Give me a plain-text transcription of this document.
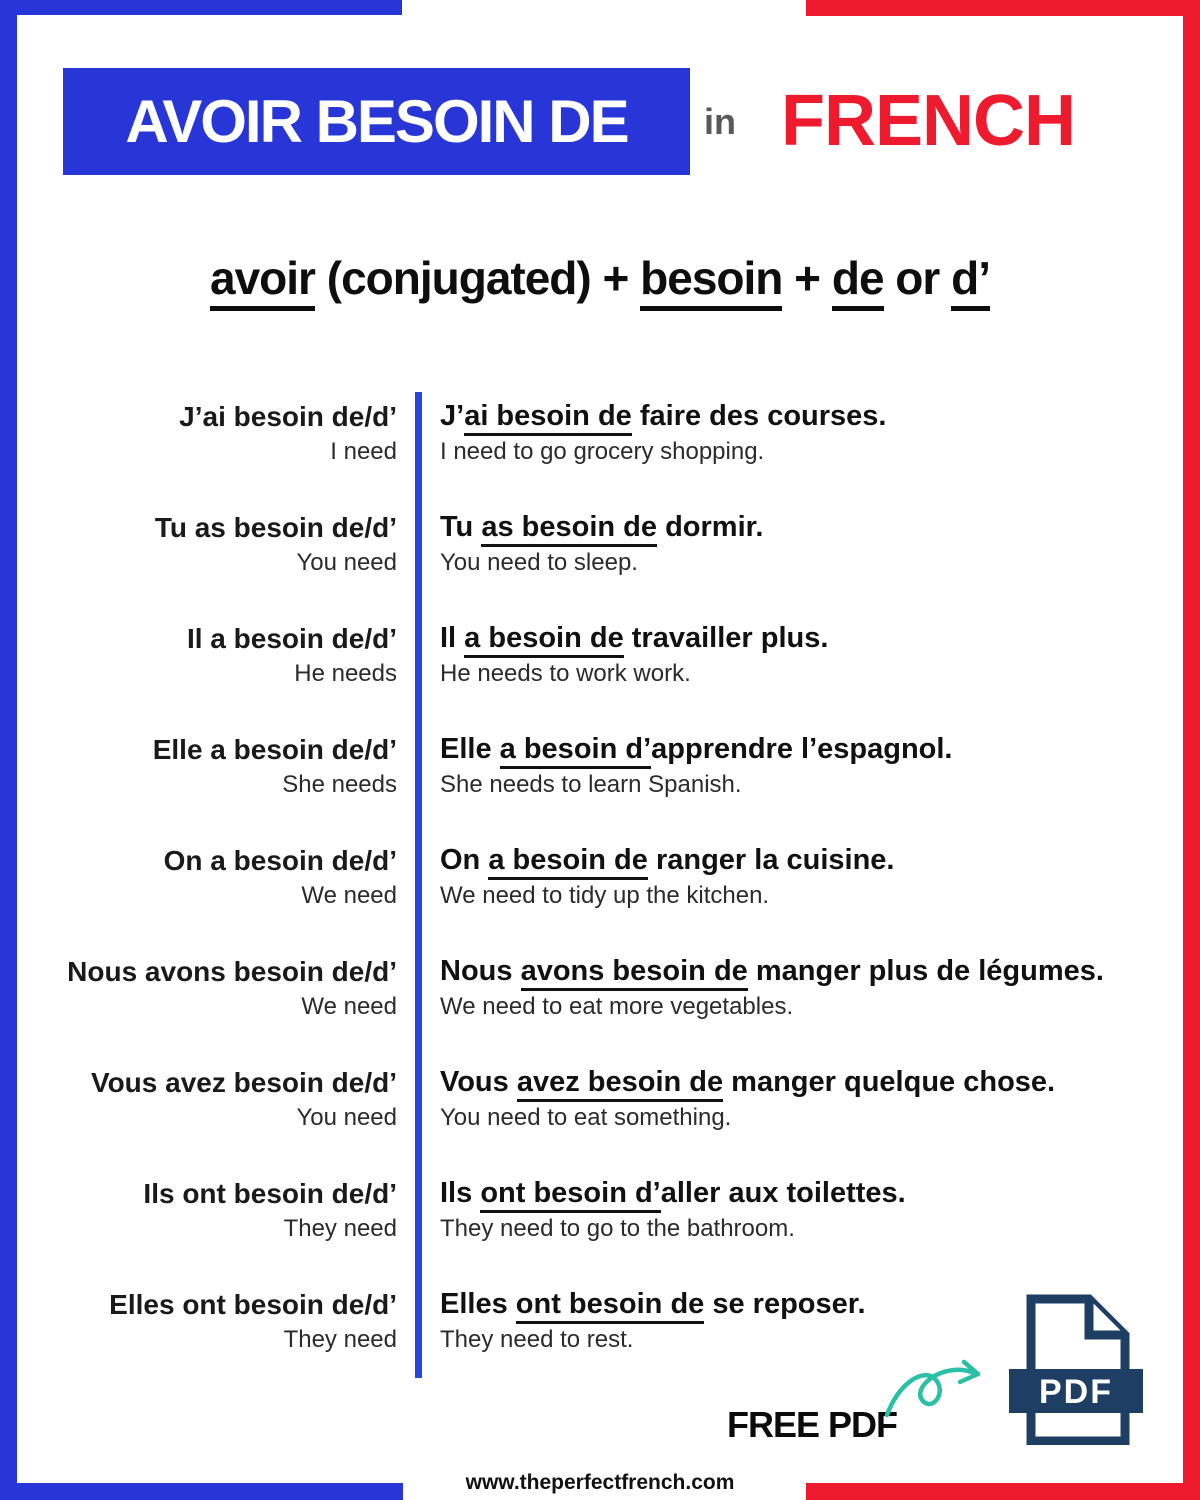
AVOIR BESOIN DE in FRENCH
avoir (conjugated) + besoin + de or d’
J’ai besoin de/d’
I need
J’ai besoin de faire des courses.
I need to go grocery shopping.
Tu as besoin de/d’
You need
Tu as besoin de dormir.
You need to sleep.
Il a besoin de/d’
He needs
Il a besoin de travailler plus.
He needs to work work.
Elle a besoin de/d’
She needs
Elle a besoin d’apprendre l’espagnol.
She needs to learn Spanish.
On a besoin de/d’
We need
On a besoin de ranger la cuisine.
We need to tidy up the kitchen.
Nous avons besoin de/d’
We need
Nous avons besoin de manger plus de légumes.
We need to eat more vegetables.
Vous avez besoin de/d’
You need
Vous avez besoin de manger quelque chose.
You need to eat something.
Ils ont besoin de/d’
They need
Ils ont besoin d’aller aux toilettes.
They need to go to the bathroom.
Elles ont besoin de/d’
They need
Elles ont besoin de se reposer.
They need to rest.
FREE PDF
PDF
www.theperfectfrench.com
